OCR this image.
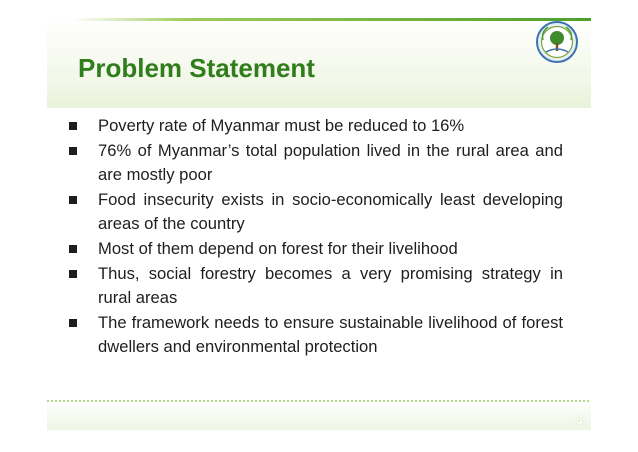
Problem Statement
Poverty rate of Myanmar must be reduced to 16%
76% of Myanmar’s total population lived in the rural area and are mostly poor
Food insecurity exists in socio-economically least developing areas of the country
Most of them depend on forest for their livelihood
Thus, social forestry becomes a very promising strategy in rural areas
The framework needs to ensure sustainable livelihood of forest dwellers and environmental protection
3
